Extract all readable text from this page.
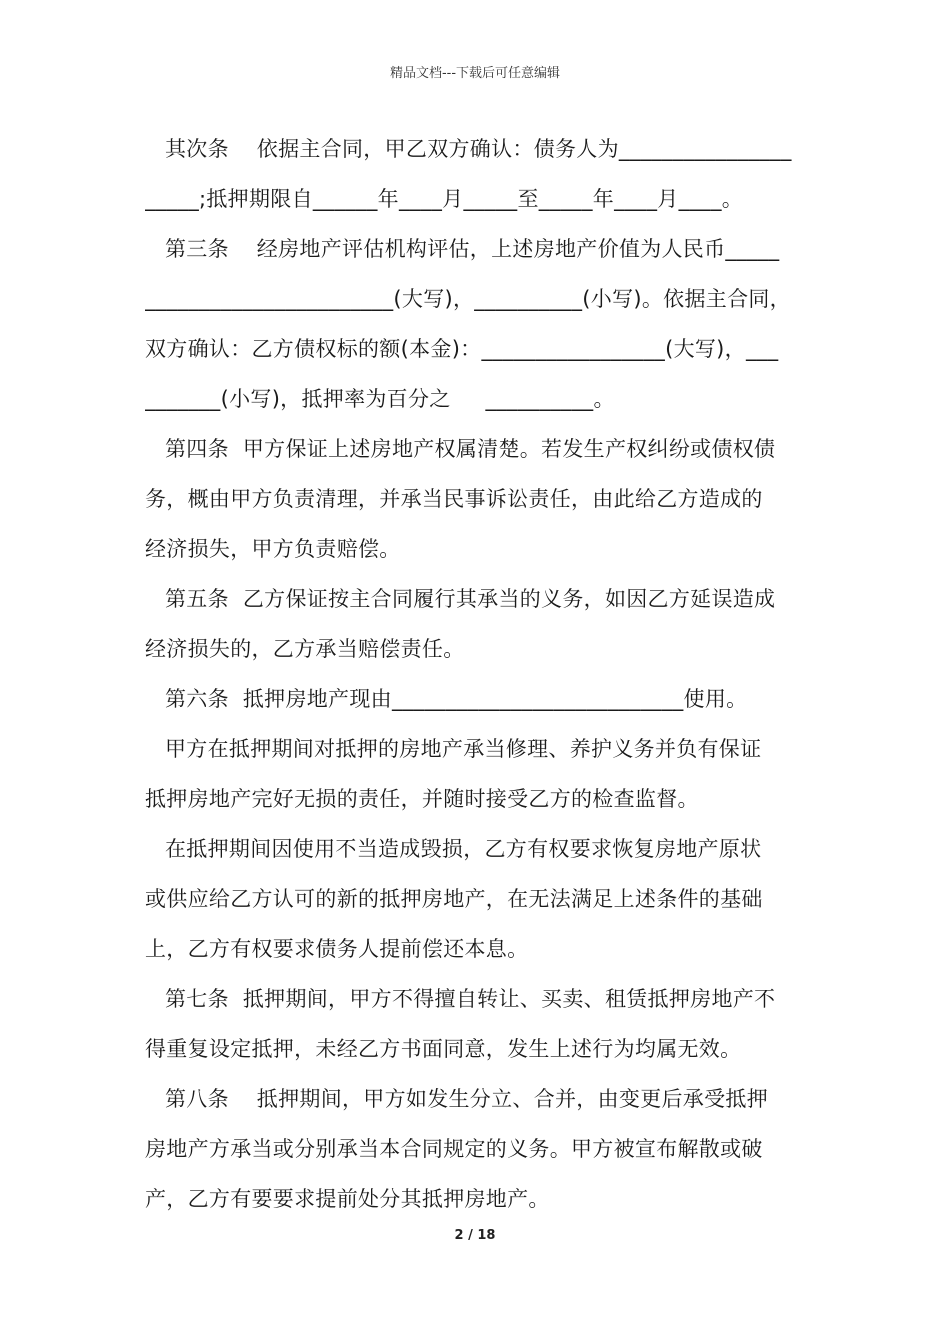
精品文档---下载后可任意编辑
其次条    依据主合同，甲乙双方确认：债务人为________________
_____;抵押期限自______年____月_____至_____年____月____。
第三条    经房地产评估机构评估，上述房地产价值为人民币_____
_______________________(大写)，__________(小写)。依据主合同，
双方确认：乙方债权标的额(本金)：_________________(大写)，___
_______(小写)，抵押率为百分之     __________。
第四条  甲方保证上述房地产权属清楚。若发生产权纠纷或债权债
务，概由甲方负责清理，并承当民事诉讼责任，由此给乙方造成的
经济损失，甲方负责赔偿。
第五条  乙方保证按主合同履行其承当的义务，如因乙方延误造成
经济损失的，乙方承当赔偿责任。
第六条  抵押房地产现由___________________________使用。
甲方在抵押期间对抵押的房地产承当修理、养护义务并负有保证
抵押房地产完好无损的责任，并随时接受乙方的检查监督。
在抵押期间因使用不当造成毁损，乙方有权要求恢复房地产原状
或供应给乙方认可的新的抵押房地产，在无法满足上述条件的基础
上，乙方有权要求债务人提前偿还本息。
第七条  抵押期间，甲方不得擅自转让、买卖、租赁抵押房地产不
得重复设定抵押，未经乙方书面同意，发生上述行为均属无效。
第八条    抵押期间，甲方如发生分立、合并，由变更后承受抵押
房地产方承当或分别承当本合同规定的义务。甲方被宣布解散或破
产，乙方有要要求提前处分其抵押房地产。
2 / 18
